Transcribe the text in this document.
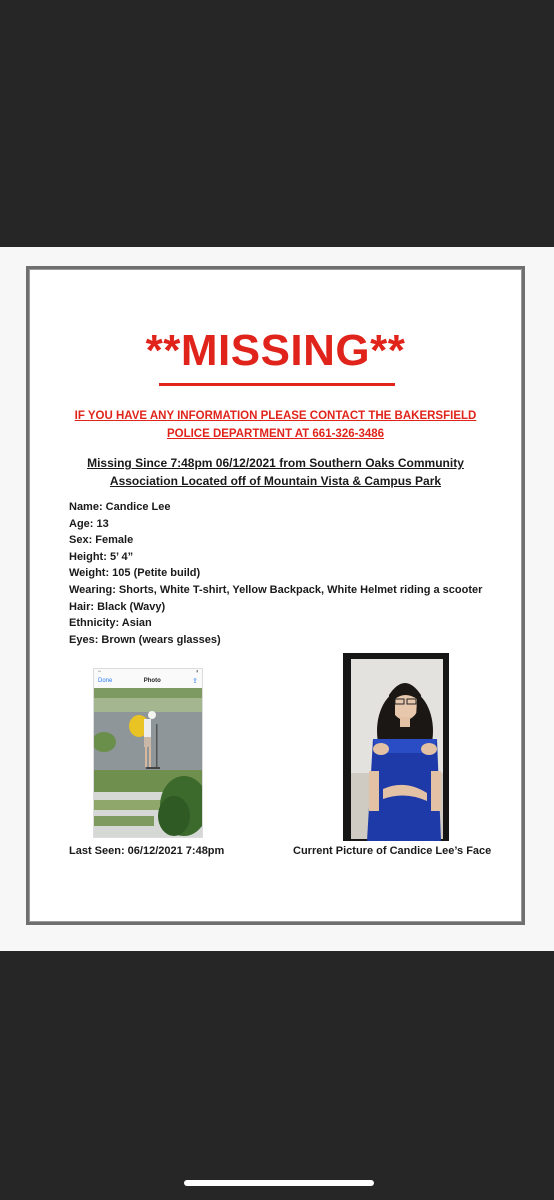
**MISSING**
IF YOU HAVE ANY INFORMATION PLEASE CONTACT THE BAKERSFIELD
POLICE DEPARTMENT AT 661-326-3486
Missing Since 7:48pm 06/12/2021 from Southern Oaks Community
Association Located off of Mountain Vista & Campus Park
Name: Candice Lee
Age: 13
Sex: Female
Height: 5’ 4”
Weight: 105 (Petite build)
Wearing: Shorts, White T-shirt, Yellow Backpack, White Helmet riding a scooter
Hair: Black (Wavy)
Ethnicity: Asian
Eyes: Brown (wears glasses)
•••	▮
Done	Photo	⇪
Last Seen: 06/12/2021 7:48pm	Current Picture of Candice Lee’s Face
